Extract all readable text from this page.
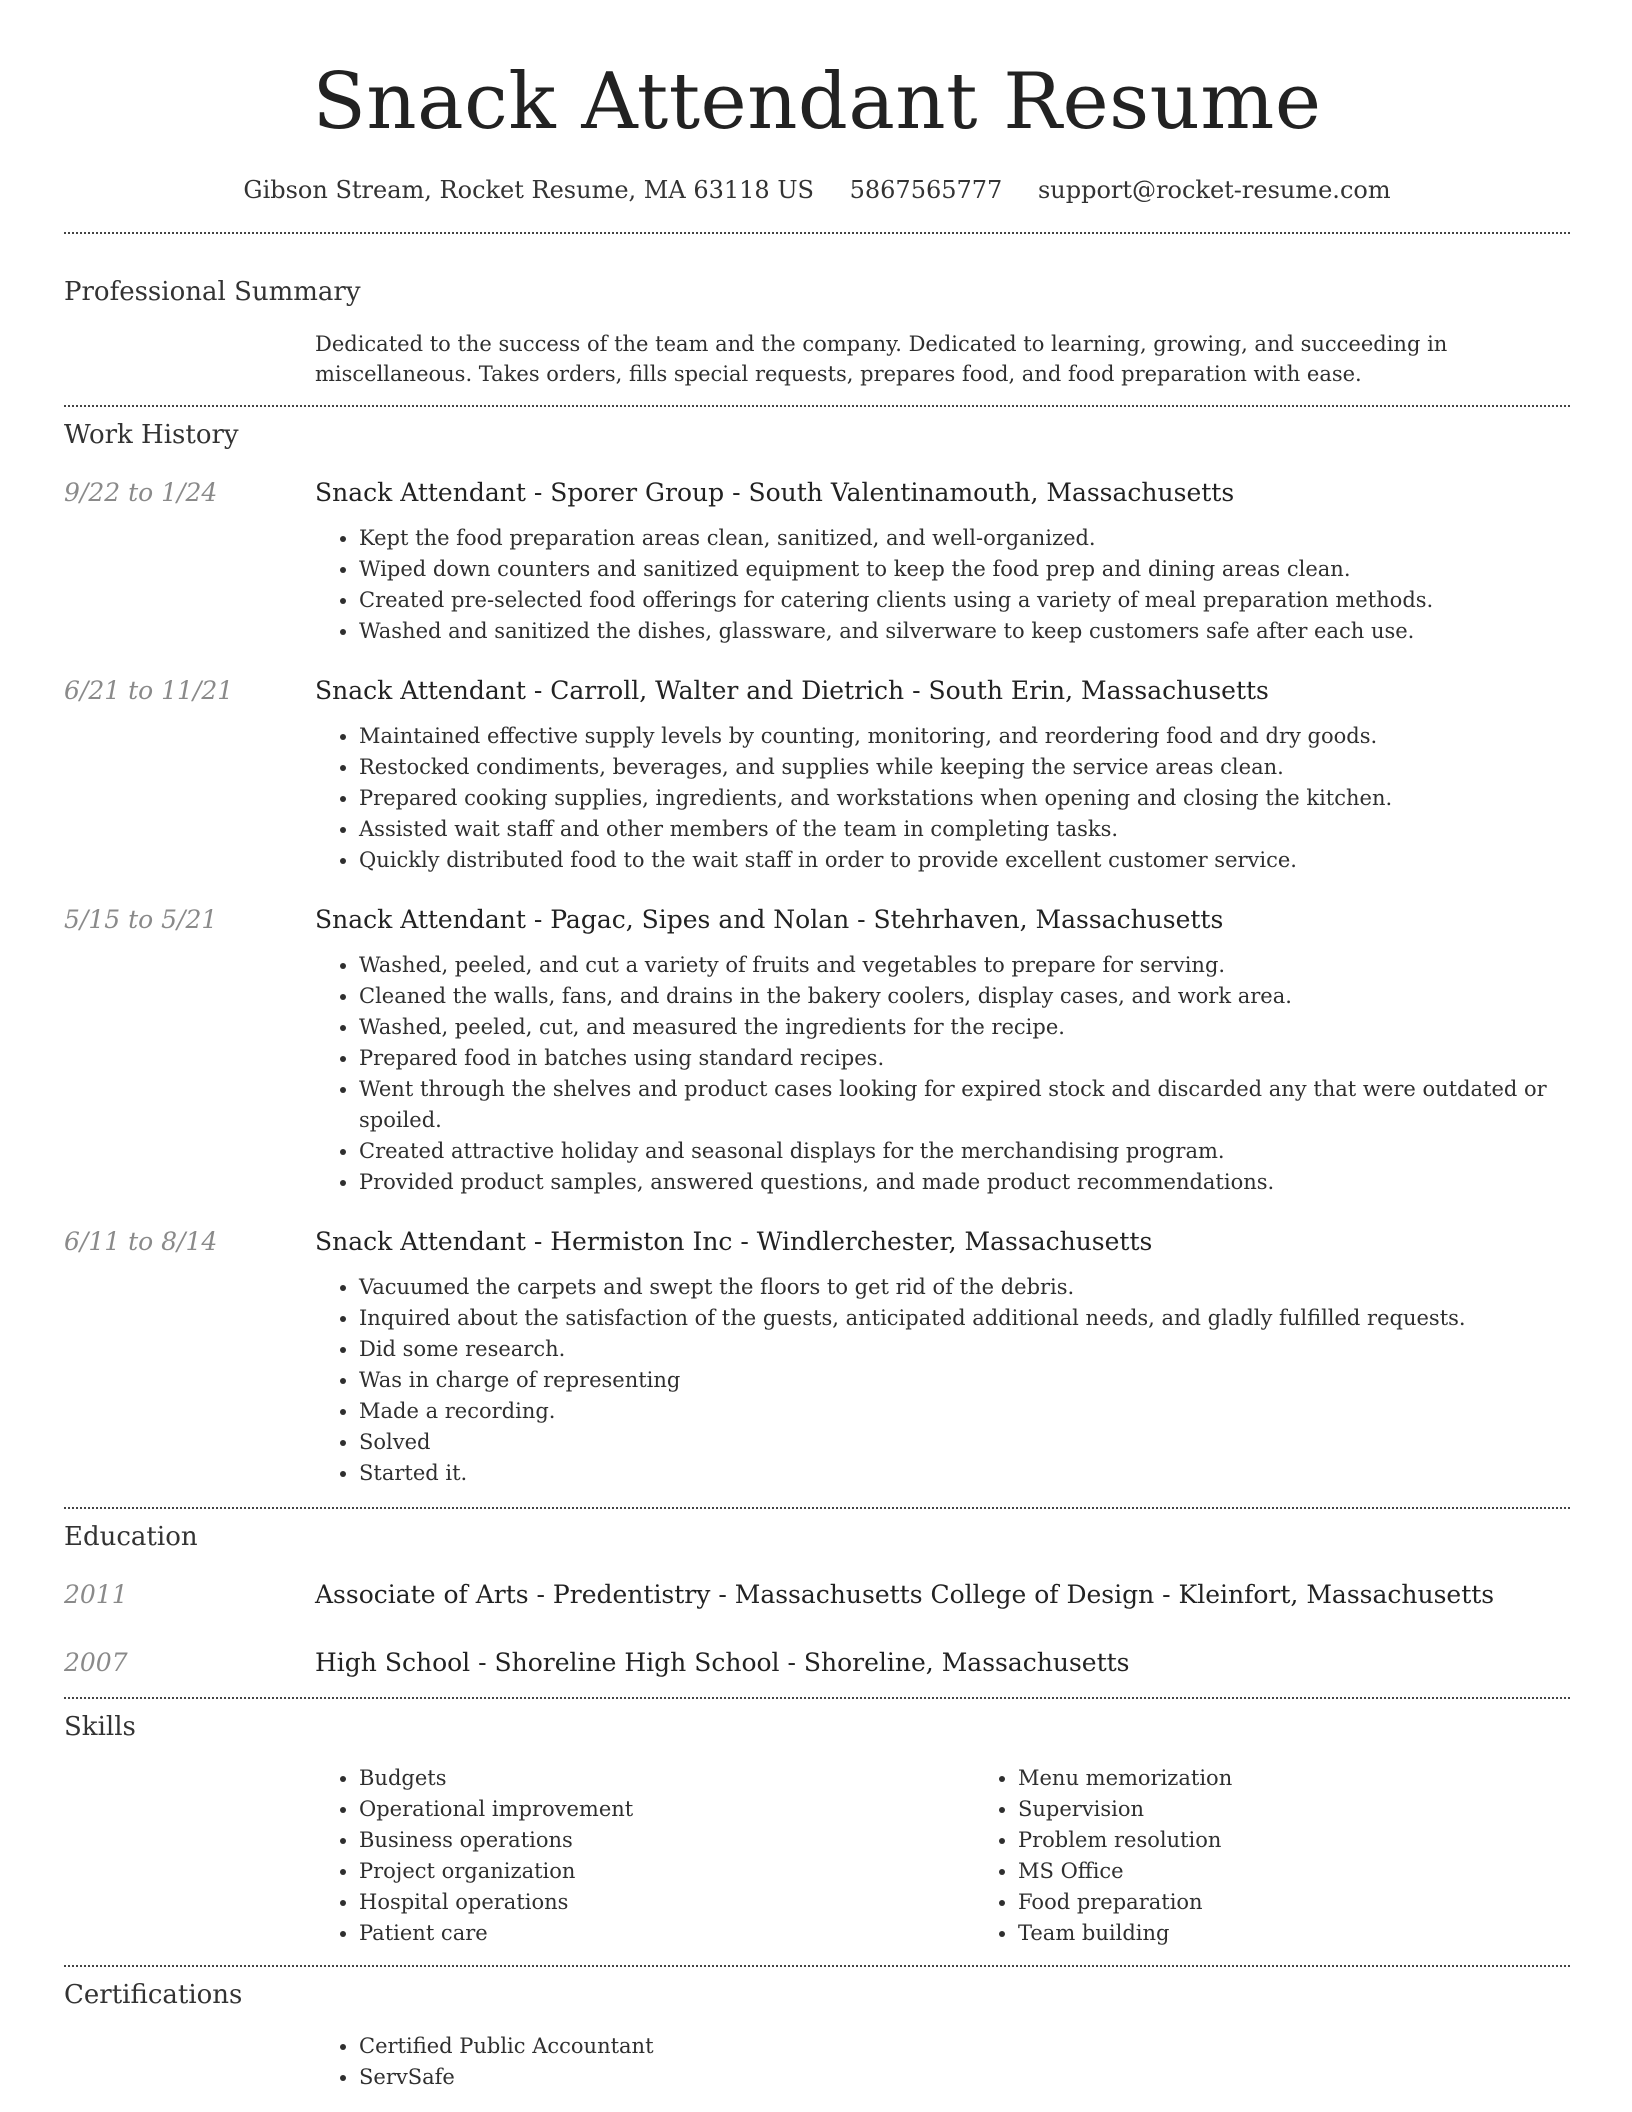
Snack Attendant Resume
Gibson Stream, Rocket Resume, MA 63118 US 5867565777 support@rocket-resume.com
Professional Summary
Dedicated to the success of the team and the company. Dedicated to learning, growing, and succeeding in miscellaneous. Takes orders, fills special requests, prepares food, and food preparation with ease.
Work History
9/22 to 1/24	Snack Attendant - Sporer Group - South Valentinamouth, Massachusetts
• Kept the food preparation areas clean, sanitized, and well-organized.
• Wiped down counters and sanitized equipment to keep the food prep and dining areas clean.
• Created pre-selected food offerings for catering clients using a variety of meal preparation methods.
• Washed and sanitized the dishes, glassware, and silverware to keep customers safe after each use.
6/21 to 11/21	Snack Attendant - Carroll, Walter and Dietrich - South Erin, Massachusetts
• Maintained effective supply levels by counting, monitoring, and reordering food and dry goods.
• Restocked condiments, beverages, and supplies while keeping the service areas clean.
• Prepared cooking supplies, ingredients, and workstations when opening and closing the kitchen.
• Assisted wait staff and other members of the team in completing tasks.
• Quickly distributed food to the wait staff in order to provide excellent customer service.
5/15 to 5/21	Snack Attendant - Pagac, Sipes and Nolan - Stehrhaven, Massachusetts
• Washed, peeled, and cut a variety of fruits and vegetables to prepare for serving.
• Cleaned the walls, fans, and drains in the bakery coolers, display cases, and work area.
• Washed, peeled, cut, and measured the ingredients for the recipe.
• Prepared food in batches using standard recipes.
• Went through the shelves and product cases looking for expired stock and discarded any that were outdated or spoiled.
• Created attractive holiday and seasonal displays for the merchandising program.
• Provided product samples, answered questions, and made product recommendations.
6/11 to 8/14	Snack Attendant - Hermiston Inc - Windlerchester, Massachusetts
• Vacuumed the carpets and swept the floors to get rid of the debris.
• Inquired about the satisfaction of the guests, anticipated additional needs, and gladly fulfilled requests.
• Did some research.
• Was in charge of representing
• Made a recording.
• Solved
• Started it.
Education
2011	Associate of Arts - Predentistry - Massachusetts College of Design - Kleinfort, Massachusetts
2007	High School - Shoreline High School - Shoreline, Massachusetts
Skills
• Budgets
• Operational improvement
• Business operations
• Project organization
• Hospital operations
• Patient care
• Menu memorization
• Supervision
• Problem resolution
• MS Office
• Food preparation
• Team building
Certifications
• Certified Public Accountant
• ServSafe
